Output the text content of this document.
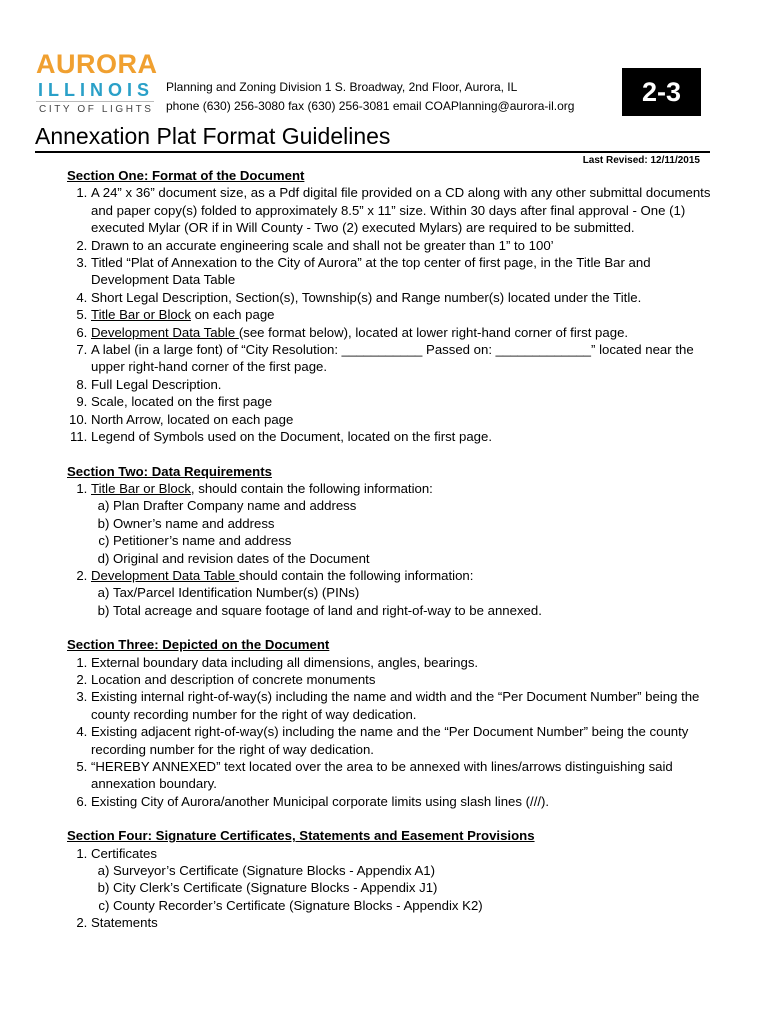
AURORA
ILLINOIS
CITY OF LIGHTS
Planning and Zoning Division 1 S. Broadway, 2nd Floor, Aurora, IL
phone (630) 256-3080 fax (630) 256-3081 email COAPlanning@aurora-il.org	2-3
Annexation Plat Format Guidelines
Last Revised: 12/11/2015
Section One: Format of the Document
1. A 24” x 36” document size, as a Pdf digital file provided on a CD along with any other submittal documents and paper copy(s) folded to approximately 8.5” x 11” size. Within 30 days after final approval - One (1) executed Mylar (OR if in Will County - Two (2) executed Mylars) are required to be submitted.
2. Drawn to an accurate engineering scale and shall not be greater than 1” to 100’
3. Titled “Plat of Annexation to the City of Aurora” at the top center of first page, in the Title Bar and Development Data Table
4. Short Legal Description, Section(s), Township(s) and Range number(s) located under the Title.
5. Title Bar or Block on each page
6. Development Data Table (see format below), located at lower right-hand corner of first page.
7. A label (in a large font) of “City Resolution: ___________ Passed on: _____________” located near the upper right-hand corner of the first page.
8. Full Legal Description.
9. Scale, located on the first page
10. North Arrow, located on each page
11. Legend of Symbols used on the Document, located on the first page.
Section Two: Data Requirements
1. Title Bar or Block, should contain the following information:
a. Plan Drafter Company name and address
b. Owner’s name and address
c. Petitioner’s name and address
d. Original and revision dates of the Document
2. Development Data Table should contain the following information:
a. Tax/Parcel Identification Number(s) (PINs)
b. Total acreage and square footage of land and right-of-way to be annexed.
Section Three: Depicted on the Document
1. External boundary data including all dimensions, angles, bearings.
2. Location and description of concrete monuments
3. Existing internal right-of-way(s) including the name and width and the “Per Document Number” being the county recording number for the right of way dedication.
4. Existing adjacent right-of-way(s) including the name and the “Per Document Number” being the county recording number for the right of way dedication.
5. “HEREBY ANNEXED” text located over the area to be annexed with lines/arrows distinguishing said annexation boundary.
6. Existing City of Aurora/another Municipal corporate limits using slash lines (///).
Section Four: Signature Certificates, Statements and Easement Provisions
1. Certificates
a. Surveyor’s Certificate (Signature Blocks - Appendix A1)
b. City Clerk’s Certificate (Signature Blocks - Appendix J1)
c. County Recorder’s Certificate (Signature Blocks - Appendix K2)
2. Statements
